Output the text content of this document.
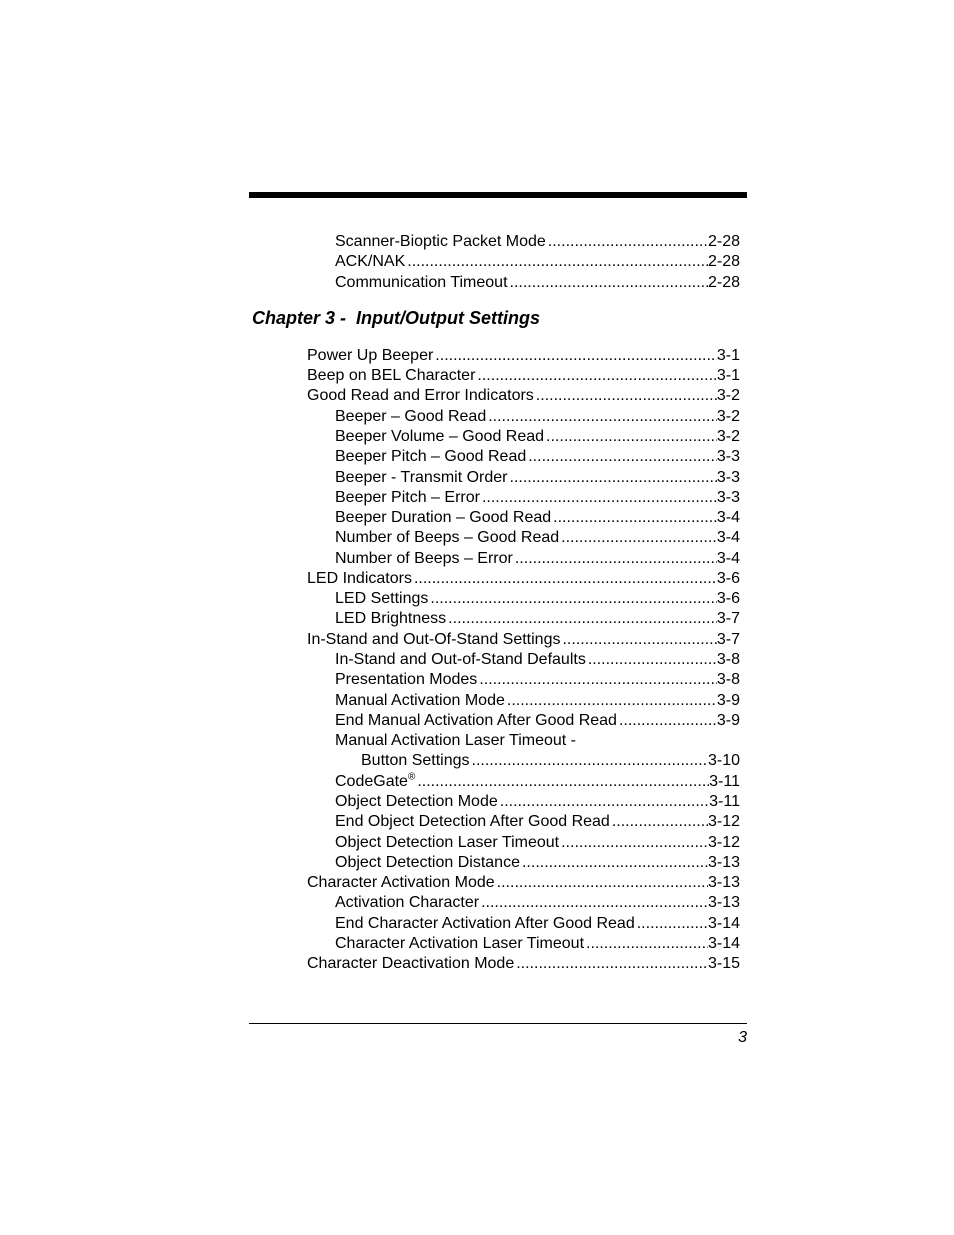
Scanner-Bioptic Packet Mode .....	2-28
ACK/NAK .....	2-28
Communication Timeout .....	2-28
Chapter 3 -  Input/Output Settings
Power Up Beeper .....	3-1
Beep on BEL Character .....	3-1
Good Read and Error Indicators .....	3-2
Beeper – Good Read .....	3-2
Beeper Volume – Good Read .....	3-2
Beeper Pitch – Good Read .....	3-3
Beeper - Transmit Order .....	3-3
Beeper Pitch – Error .....	3-3
Beeper Duration – Good Read .....	3-4
Number of Beeps – Good Read .....	3-4
Number of Beeps – Error .....	3-4
LED Indicators .....	3-6
LED Settings .....	3-6
LED Brightness .....	3-7
In-Stand and Out-Of-Stand Settings .....	3-7
In-Stand and Out-of-Stand Defaults .....	3-8
Presentation Modes .....	3-8
Manual Activation Mode .....	3-9
End Manual Activation After Good Read .....	3-9
Manual Activation Laser Timeout -
Button Settings .....	3-10
CodeGate® .....	3-11
Object Detection Mode .....	3-11
End Object Detection After Good Read .....	3-12
Object Detection Laser Timeout .....	3-12
Object Detection Distance .....	3-13
Character Activation Mode .....	3-13
Activation Character .....	3-13
End Character Activation After Good Read .....	3-14
Character Activation Laser Timeout .....	3-14
Character Deactivation Mode .....	3-15
3
